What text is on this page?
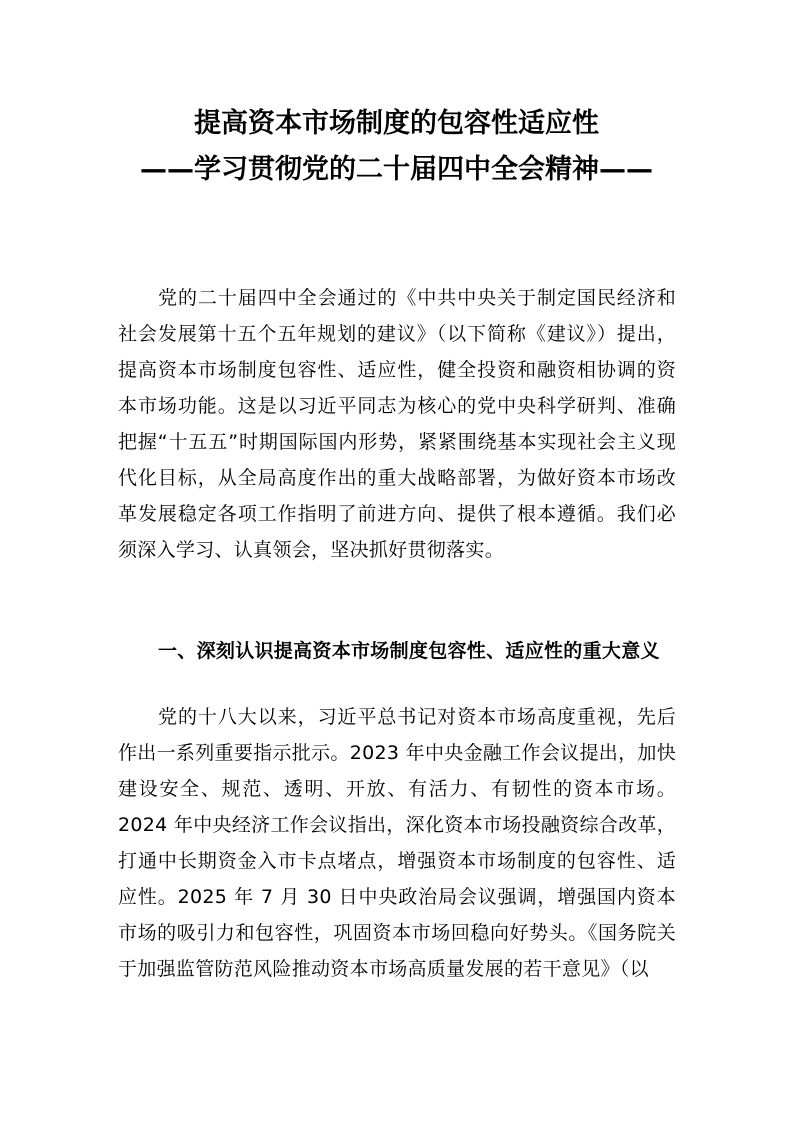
提高资本市场制度的包容性适应性
——学习贯彻党的二十届四中全会精神——

党的二十届四中全会通过的《中共中央关于制定国民经济和社会发展第十五个五年规划的建议》（以下简称《建议》）提出，提高资本市场制度包容性、适应性，健全投资和融资相协调的资本市场功能。这是以习近平同志为核心的党中央科学研判、准确把握“十五五”时期国际国内形势，紧紧围绕基本实现社会主义现代化目标，从全局高度作出的重大战略部署，为做好资本市场改革发展稳定各项工作指明了前进方向、提供了根本遵循。我们必须深入学习、认真领会，坚决抓好贯彻落实。

一、深刻认识提高资本市场制度包容性、适应性的重大意义

党的十八大以来，习近平总书记对资本市场高度重视，先后作出一系列重要指示批示。2023 年中央金融工作会议提出，加快建设安全、规范、透明、开放、有活力、有韧性的资本市场。2024 年中央经济工作会议指出，深化资本市场投融资综合改革，打通中长期资金入市卡点堵点，增强资本市场制度的包容性、适应性。2025 年 7 月 30 日中央政治局会议强调，增强国内资本市场的吸引力和包容性，巩固资本市场回稳向好势头。《国务院关于加强监管防范风险推动资本市场高质量发展的若干意见》（以
